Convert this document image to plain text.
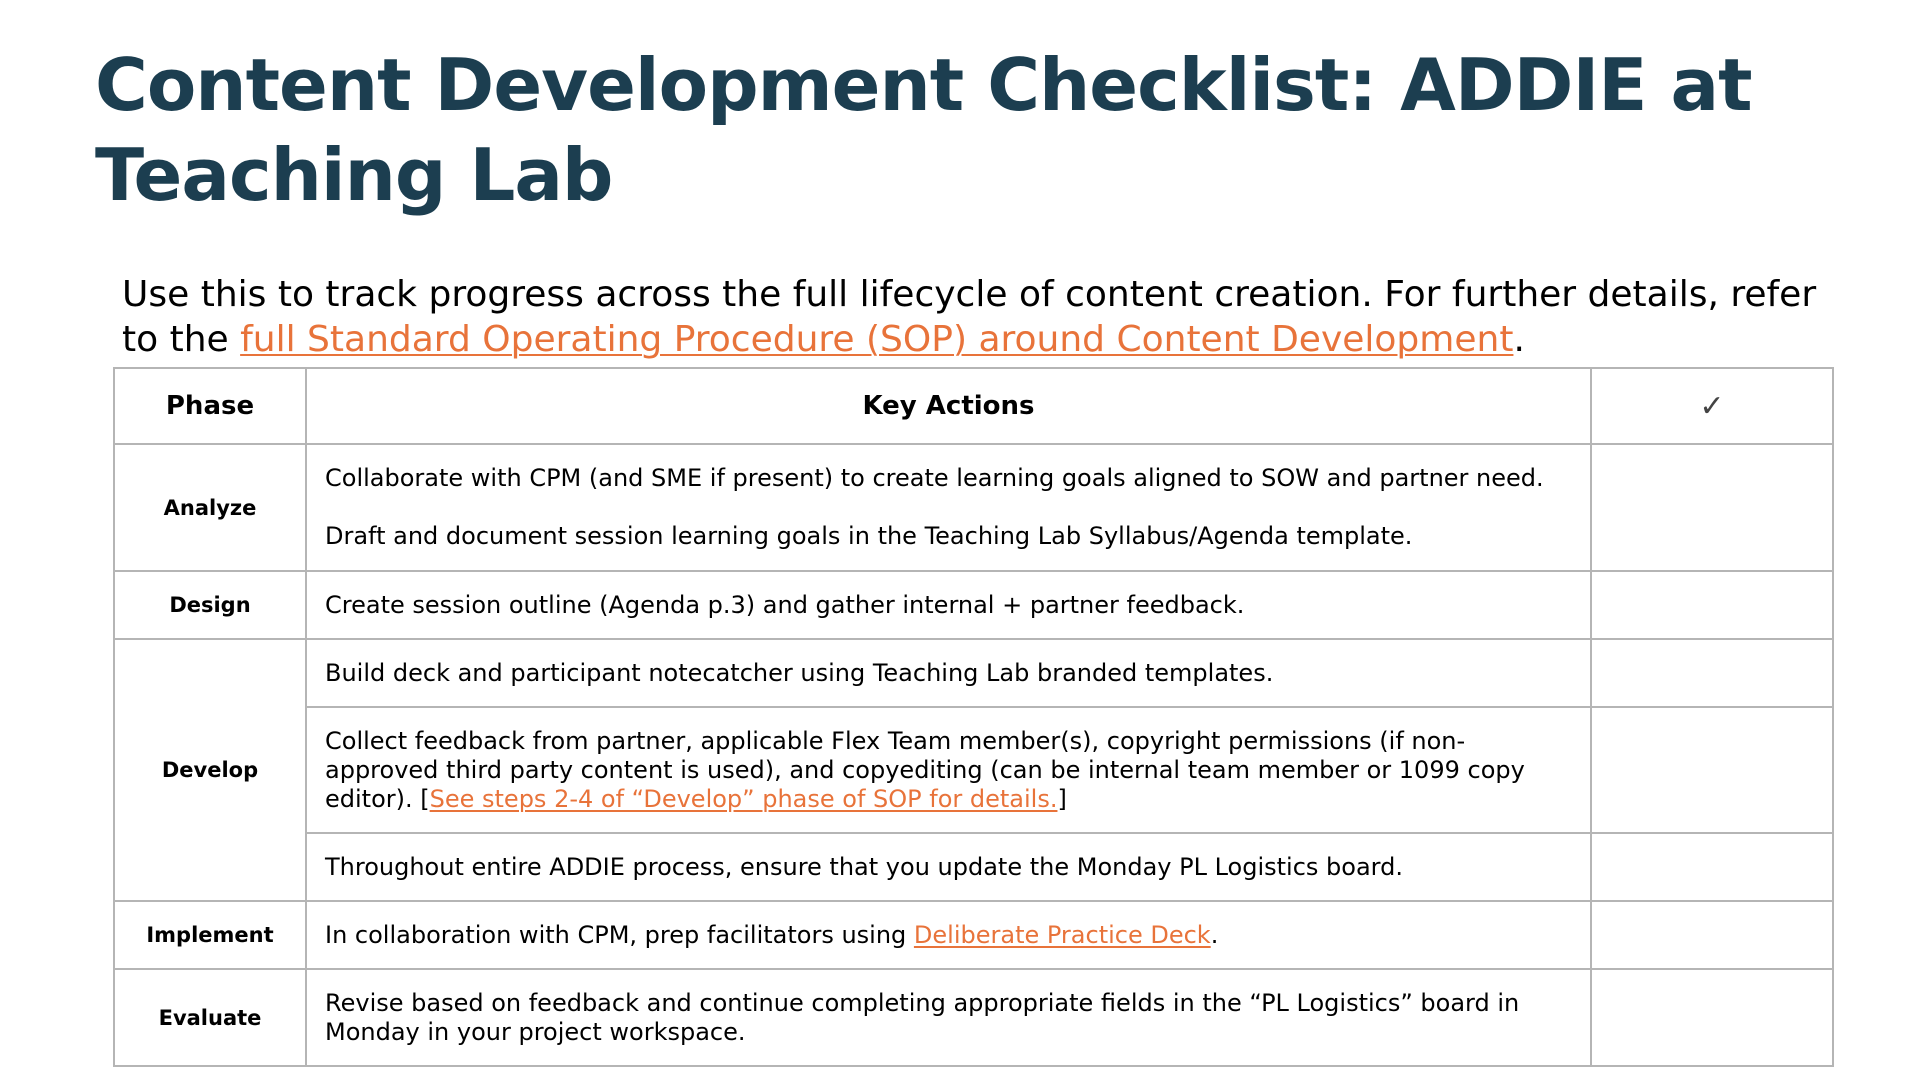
Content Development Checklist: ADDIE at Teaching Lab

Use this to track progress across the full lifecycle of content creation. For further details, refer to the full Standard Operating Procedure (SOP) around Content Development.

Phase	Key Actions	✓
Analyze	Collaborate with CPM (and SME if present) to create learning goals aligned to SOW and partner need.

Draft and document session learning goals in the Teaching Lab Syllabus/Agenda template.	

Design	Create session outline (Agenda p.3) and gather internal + partner feedback.	
Develop	Build deck and participant notecatcher using Teaching Lab branded templates.	
	Collect feedback from partner, applicable Flex Team member(s), copyright permissions (if non-approved third party content is used), and copyediting (can be internal team member or 1099 copy editor). [See steps 2-4 of “Develop” phase of SOP for details.]	
	Throughout entire ADDIE process, ensure that you update the Monday PL Logistics board.	
Implement	In collaboration with CPM, prep facilitators using Deliberate Practice Deck.	
Evaluate	Revise based on feedback and continue completing appropriate fields in the “PL Logistics” board in Monday in your project workspace.	
